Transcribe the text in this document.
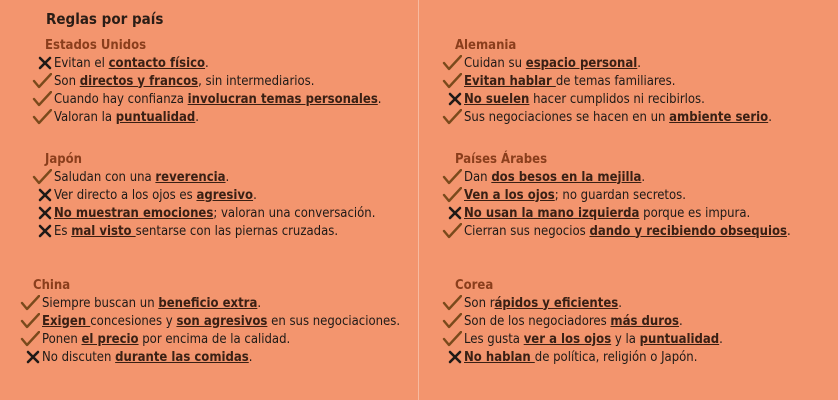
Reglas por país
Estados Unidos
Evitan el contacto físico.
Son directos y francos, sin intermediarios.
Cuando hay confianza involucran temas personales.
Valoran la puntualidad.
Japón
Saludan con una reverencia.
Ver directo a los ojos es agresivo.
No muestran emociones; valoran una conversación.
Es mal visto sentarse con las piernas cruzadas.
China
Siempre buscan un beneficio extra.
Exigen concesiones y son agresivos en sus negociaciones.
Ponen el precio por encima de la calidad.
No discuten durante las comidas.
Alemania
Cuidan su espacio personal.
Evitan hablar de temas familiares.
No suelen hacer cumplidos ni recibirlos.
Sus negociaciones se hacen en un ambiente serio.
Países Árabes
Dan dos besos en la mejilla.
Ven a los ojos; no guardan secretos.
No usan la mano izquierda porque es impura.
Cierran sus negocios dando y recibiendo obsequios.
Corea
Son rápidos y eficientes.
Son de los negociadores más duros.
Les gusta ver a los ojos y la puntualidad.
No hablan de política, religión o Japón.
